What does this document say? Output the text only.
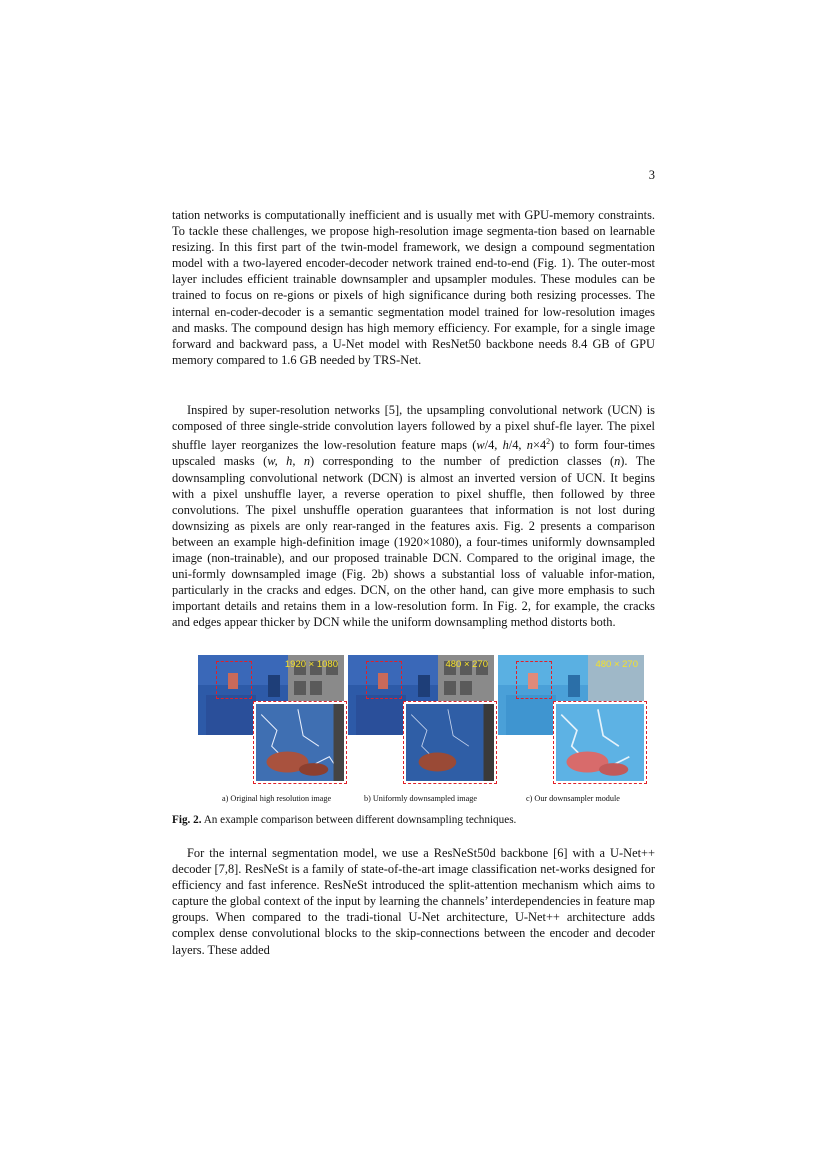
3

tation networks is computationally inefficient and is usually met with GPU-memory constraints. To tackle these challenges, we propose high-resolution image segmenta-tion based on learnable resizing. In this first part of the twin-model framework, we design a compound segmentation model with a two-layered encoder-decoder network trained end-to-end (Fig. 1). The outer-most layer includes efficient trainable downsampler and upsampler modules. These modules can be trained to focus on re-gions or pixels of high significance during both resizing processes. The internal en-coder-decoder is a semantic segmentation model trained for low-resolution images and masks. The compound design has high memory efficiency. For example, for a single image forward and backward pass, a U-Net model with ResNet50 backbone needs 8.4 GB of GPU memory compared to 1.6 GB needed by TRS-Net.

Inspired by super-resolution networks [5], the upsampling convolutional network (UCN) is composed of three single-stride convolution layers followed by a pixel shuf-fle layer. The pixel shuffle layer reorganizes the low-resolution feature maps (w/4, h/4, $n\times 4^2$) to form four-times upscaled masks (w, h, n) corresponding to the number of prediction classes (n). The downsampling convolutional network (DCN) is almost an inverted version of UCN. It begins with a pixel unshuffle layer, a reverse operation to pixel shuffle, then followed by three convolutions. The pixel unshuffle operation guarantees that information is not lost during downsizing as pixels are only rear-ranged in the features axis. Fig. 2 presents a comparison between an example high-definition image (1920×1080), a four-times uniformly downsampled image (non-trainable), and our proposed trainable DCN. Compared to the original image, the uni-formly downsampled image (Fig. 2b) shows a substantial loss of valuable infor-mation, particularly in the cracks and edges. DCN, on the other hand, can give more emphasis to such important details and retains them in a low-resolution form. In Fig. 2, for example, the cracks and edges appear thicker by DCN while the uniform downsampling method distorts both.

1920 × 1080
a) Original high resolution image
480 × 270
b) Uniformly downsampled image
480 × 270
c) Our downsampler module
Fig. 2. An example comparison between different downsampling techniques.

For the internal segmentation model, we use a ResNeSt50d backbone [6] with a U-Net++ decoder [7,8]. ResNeSt is a family of state-of-the-art image classification net-works designed for efficiency and fast inference. ResNeSt introduced the split-attention mechanism which aims to capture the global context of the input by learning the channels’ interdependencies in feature map groups. When compared to the tradi-tional U-Net architecture, U-Net++ architecture adds complex dense convolutional blocks to the skip-connections between the encoder and decoder layers. These added
